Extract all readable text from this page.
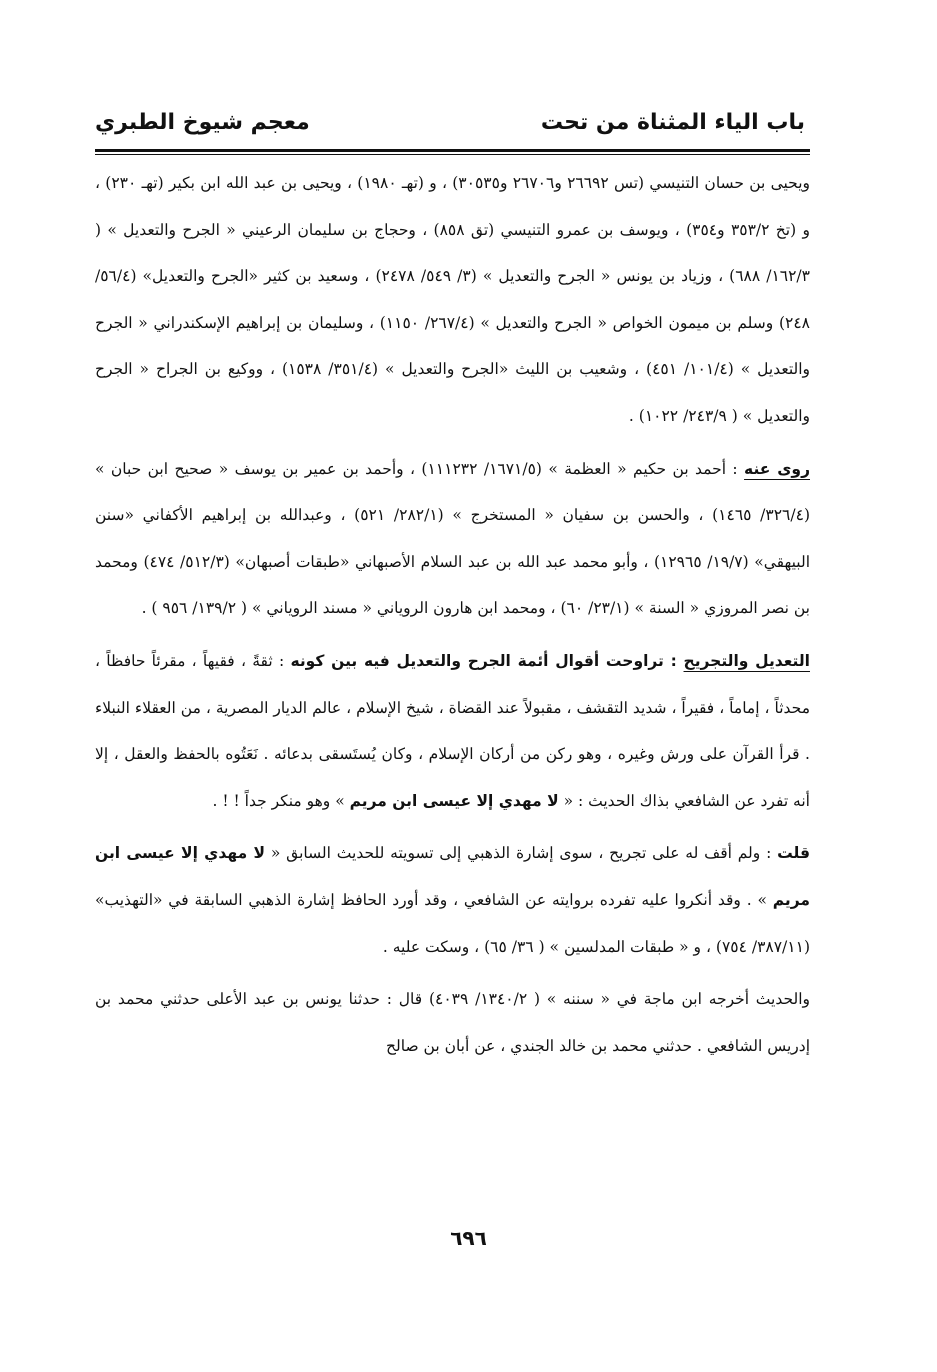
باب الياء المثناة من تحت
معجم شيوخ الطبري

ويحيى بن حسان التنيسي (تس ٢٦٦٩٢ و٢٦٧٠٦ و٣٠٥٣٥) ، و (تهـ ١٩٨٠) ، ويحيى بن عبد الله ابن بكير (تهـ ٢٣٠) ، و (تخ ٣٥٣/٢ و٣٥٤) ، ويوسف بن عمرو التنيسي (تق ٨٥٨) ، وحجاج بن سليمان الرعيني « الجرح والتعديل » ( ١٦٢/٣/ ٦٨٨) ، وزياد بن يونس « الجرح والتعديل » (٣/ ٥٤٩/ ٢٤٧٨) ، وسعيد بن كثير «الجرح والتعديل» (٥٦/٤/ ٢٤٨) وسلم بن ميمون الخواص « الجرح والتعديل » (٢٦٧/٤/ ١١٥٠) ، وسليمان بن إبراهيم الإسكندراني « الجرح والتعديل » (١٠١/٤/ ٤٥١) ، وشعيب بن الليث «الجرح والتعديل » (٣٥١/٤/ ١٥٣٨) ، ووكيع بن الجراح « الجرح والتعديل » ( ٢٤٣/٩/ ١٠٢٢) .

روى عنه : أحمد بن حكيم « العظمة » (١٦٧١/٥/ ١١١٢٣٢) ، وأحمد بن عمير بن يوسف « صحيح ابن حبان » (٣٢٦/٤/ ١٤٦٥) ، والحسن بن سفيان « المستخرج » (٢٨٢/١/ ٥٢١) ، وعبدالله بن إبراهيم الأكفاني «سنن البيهقي» (١٩/٧/ ١٢٩٦٥) ، وأبو محمد عبد الله بن عبد السلام الأصبهاني «طبقات أصبهان» (٥١٢/٣/ ٤٧٤) ومحمد بن نصر المروزي « السنة » (٢٣/١/ ٦٠) ، ومحمد ابن هارون الروياني « مسند الروياني » ( ١٣٩/٢/ ٩٥٦ ) .

التعديل والتجريح : تراوحت أقوال أئمة الجرح والتعديل فيه بين كونه : ثقةً ، فقيهاً ، مقرئاً حافظاً ، محدثاً ، إماماً ، فقيراً ، شديد التقشف ، مقبولاً عند القضاة ، شيخ الإسلام ، عالم الديار المصرية ، من العقلاء النبلاء . قرأ القرآن على ورش وغيره ، وهو ركن من أركان الإسلام ، وكان يُستَسقى بدعائه . نَعَتُوه بالحفظ والعقل ، إلا أنه تفرد عن الشافعي بذاك الحديث : « لا مهدي إلا عيسى ابن مريم » وهو منكر جداً ! ! .

قلت : ولم أقف له على تجريح ، سوى إشارة الذهبي إلى تسويته للحديث السابق « لا مهدي إلا عيسى ابن مريم » . وقد أنكروا عليه تفرده بروايته عن الشافعي ، وقد أورد الحافظ إشارة الذهبي السابقة في «التهذيب» (٣٨٧/١١/ ٧٥٤) ، و « طبقات المدلسين » ( ٣٦/ ٦٥) ، وسكت عليه .

والحديث أخرجه ابن ماجة في « سننه » ( ١٣٤٠/٢/ ٤٠٣٩) قال : حدثنا يونس بن عبد الأعلى حدثني محمد بن إدريس الشافعي . حدثني محمد بن خالد الجندي ، عن أبان بن صالح

٦٩٦
